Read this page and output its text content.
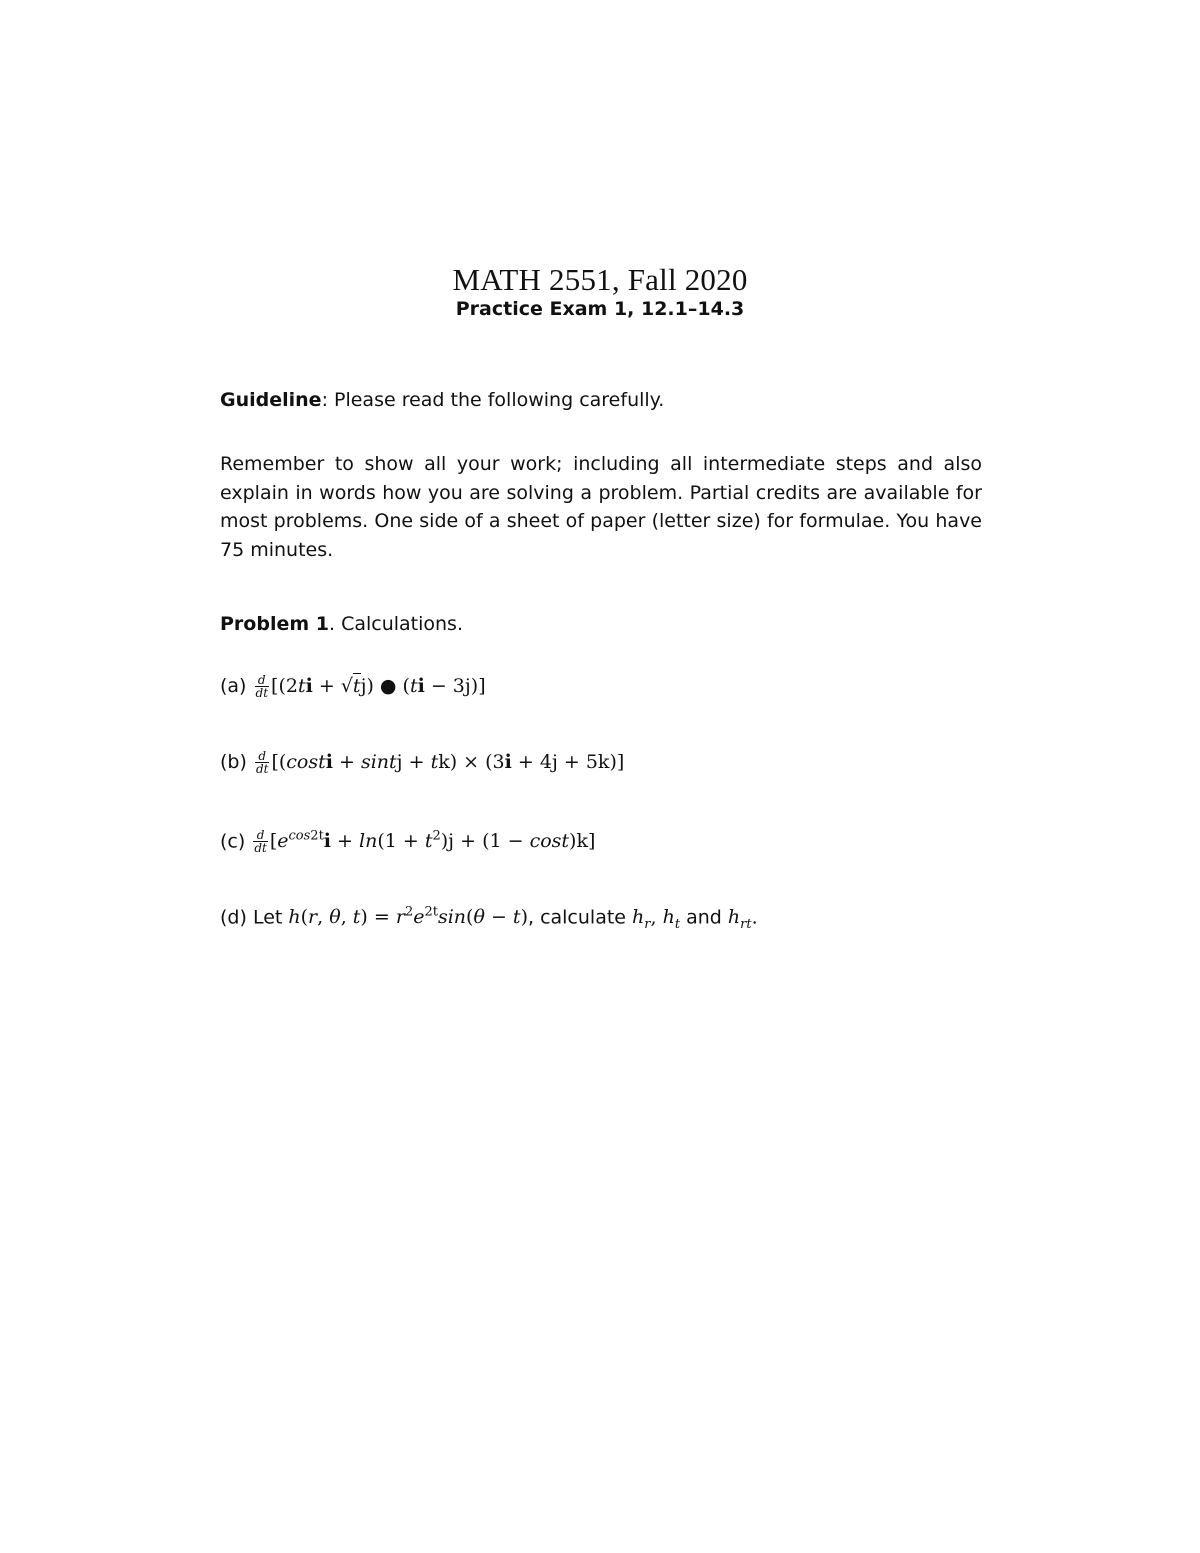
MATH 2551, Fall 2020
Practice Exam 1, 12.1–14.3
Guideline: Please read the following carefully.
Remember to show all your work; including all intermediate steps and also explain in words how you are solving a problem. Partial credits are available for most problems. One side of a sheet of paper (letter size) for formulae. You have 75 minutes.
Problem 1. Calculations.
$(a) \frac{d}{dt} [(2ti + √tj)$ ● (ti − 3j)]
$(b) \frac{d}{dt}$ [(costi + sintj + tk) × (3i + 4j + 5k)]
$(c) \frac{d}{dt} [e^{cos2t}i + \ln(1 + t^2)j + (1 - \cos t)k]$
(d) Let h(r, θ, $t) = r^2e^{2t}\sin(\theta - t)$, calculate $h_r$, $h_t$ and $h_{rt}$.
